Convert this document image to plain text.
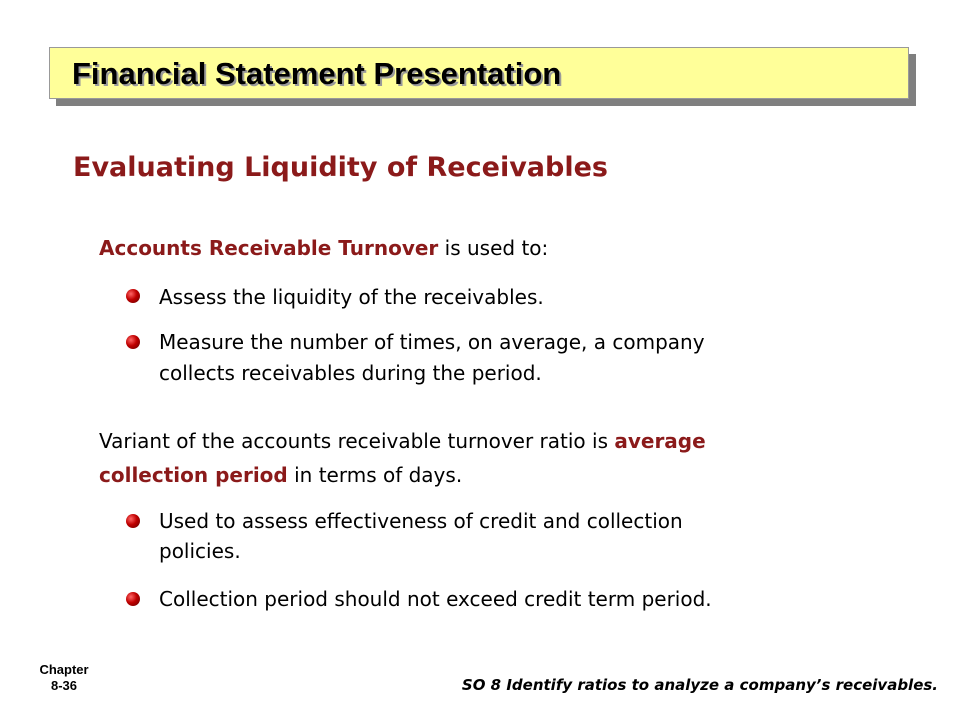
Financial Statement Presentation
Evaluating Liquidity of Receivables
Accounts Receivable Turnover is used to:
Assess the liquidity of the receivables.
Measure the number of times, on average, a company
collects receivables during the period.
Variant of the accounts receivable turnover ratio is average
collection period in terms of days.
Used to assess effectiveness of credit and collection
policies.
Collection period should not exceed credit term period.
Chapter
8-36	SO 8 Identify ratios to analyze a company’s receivables.
